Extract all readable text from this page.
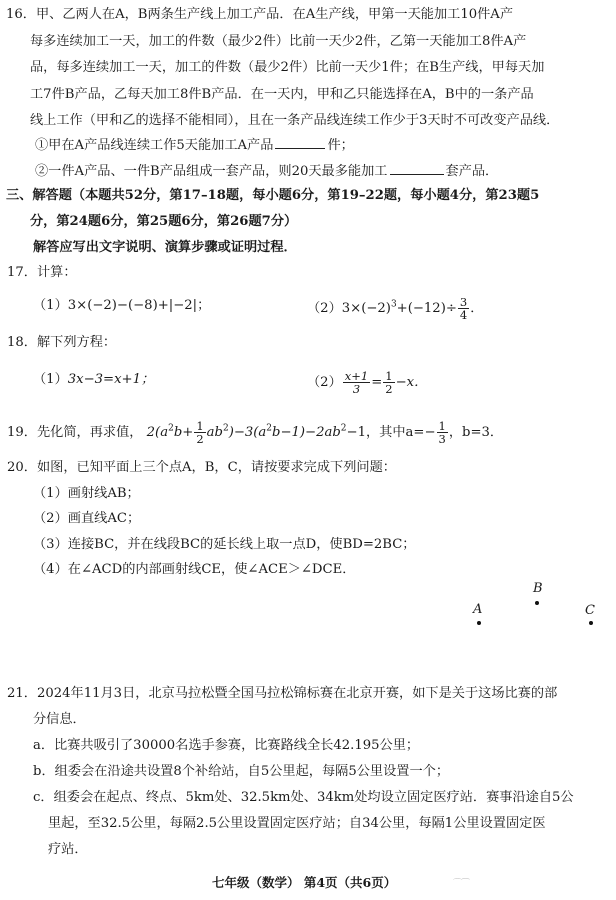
16．甲、乙两人在A，B两条生产线上加工产品．在A生产线，甲第一天能加工10件A产
每多连续加工一天，加工的件数（最少2件）比前一天少2件，乙第一天能加工8件A产
品，每多连续加工一天，加工的件数（最少2件）比前一天少1件；在B生产线，甲每天加
工7件B产品，乙每天加工8件B产品．在一天内，甲和乙只能选择在A，B中的一条产品
线上工作（甲和乙的选择不能相同），且在一条产品线连续工作少于3天时不可改变产品线．
①甲在A产品线连续工作5天能加工A产品	件；
②一件A产品、一件B产品组成一套产品，则20天最多能加工	套产品．
三、解答题（本题共52分，第17–18题，每小题6分，第19–22题，每小题4分，第23题5
分，第24题6分，第25题6分，第26题7分）
解答应写出文字说明、演算步骤或证明过程．
17．计算：
（1）3×(−2)−(−8)+|−2|；	$(2)3\times(-2)^3+(-12)\div \frac{3}{4}$ ．
18．解下列方程：
（1）3x−3=x+1；	$(2) \frac{x+1}{3} = \frac{1}{2} -x$．
19．先化简，再求值， $2(a^2b+ \frac{1}{2} ab^2)-3(a^2b-1)-2ab^2-1$，其中$a=- \frac{1}{3}$ ，b=3．
20．如图，已知平面上三个点A，B，C，请按要求完成下列问题：
（1）画射线AB；
（2）画直线AC；
（3）连接BC，并在线段BC的延长线上取一点D，使BD=2BC；
（4）在∠ACD的内部画射线CE，使∠ACE＞∠DCE．
A
B
C
21．2024年11月3日，北京马拉松暨全国马拉松锦标赛在北京开赛，如下是关于这场比赛的部
分信息．
a．比赛共吸引了30000名选手参赛，比赛路线全长42.195公里；
b．组委会在沿途共设置8个补给站，自5公里起，每隔5公里设置一个；
c．组委会在起点、终点、5km处、32.5km处、34km处均设立固定医疗站．赛事沿途自5公
里起，至32.5公里，每隔2.5公里设置固定医疗站；自34公里，每隔1公里设置固定医
疗站．
七年级（数学） 第4页（共6页）	⌒⁀
